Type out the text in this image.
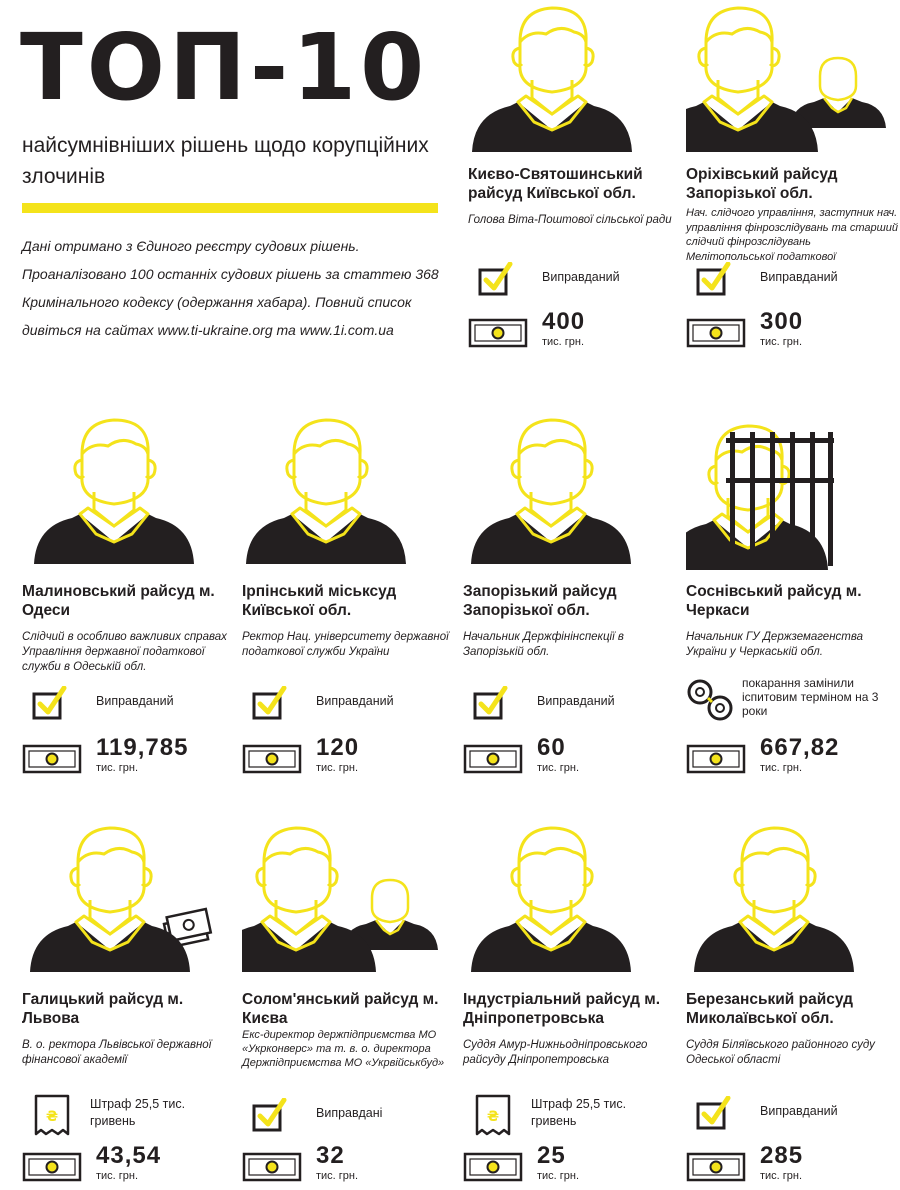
ТОП-10
найсумнівніших рішень щодо корупційних злочинів
Дані отримано з Єдиного реєстру судових рішень. Проаналізовано 100 останніх судових рішень за статтею 368 Кримінального кодексу (одержання хабара). Повний список дивіться на сайтах www.ti-ukraine.org та www.1i.com.ua
Києво-Святошинський райсуд Київської обл.
Голова Віта-Поштової сільської ради
Виправданий
400
тис. грн.
Оріхівський райсуд Запорізької обл.
Нач. слідчого управління, заступник нач. управління фінрозслідувань та старший слідчий фінрозслідувань Мелітопольської податкової
Виправданий
300
тис. грн.
Малиновський райсуд м. Одеси
Слідчий в особливо важливих справах Управління державної податкової служби в Одеській обл.
Виправданий
119,785
тис. грн.
Ірпінський міськсуд Київської обл.
Ректор Нац. університету державної податкової служби України
Виправданий
120
тис. грн.
Запорізький райсуд Запорізької обл.
Начальник Держфінінспекції в Запорізькій обл.
Виправданий
60
тис. грн.
Соснівський райсуд м. Черкаси
Начальник ГУ Держземагенства України у Черкаській обл.
покарання замінили іспитовим терміном на 3 роки
667,82
тис. грн.
Галицький райсуд м. Львова
В. о. ректора Львівської державної фінансової академії
Штраф 25,5 тис. гривень
43,54
тис. грн.
Солом'янський райсуд м. Києва
Екс-директор держпідприємства МО «Укрконверс» та т. в. о. директора Держпідприємства МО «Укрвійськбуд»
Виправдані
32
тис. грн.
Індустріальний райсуд м. Дніпропетровська
Суддя Амур-Нижньодніпровського райсуду Дніпропетровська
Штраф 25,5 тис. гривень
25
тис. грн.
Березанський райсуд Миколаївської обл.
Суддя Біляївського районного суду Одеської області
Виправданий
285
тис. грн.
